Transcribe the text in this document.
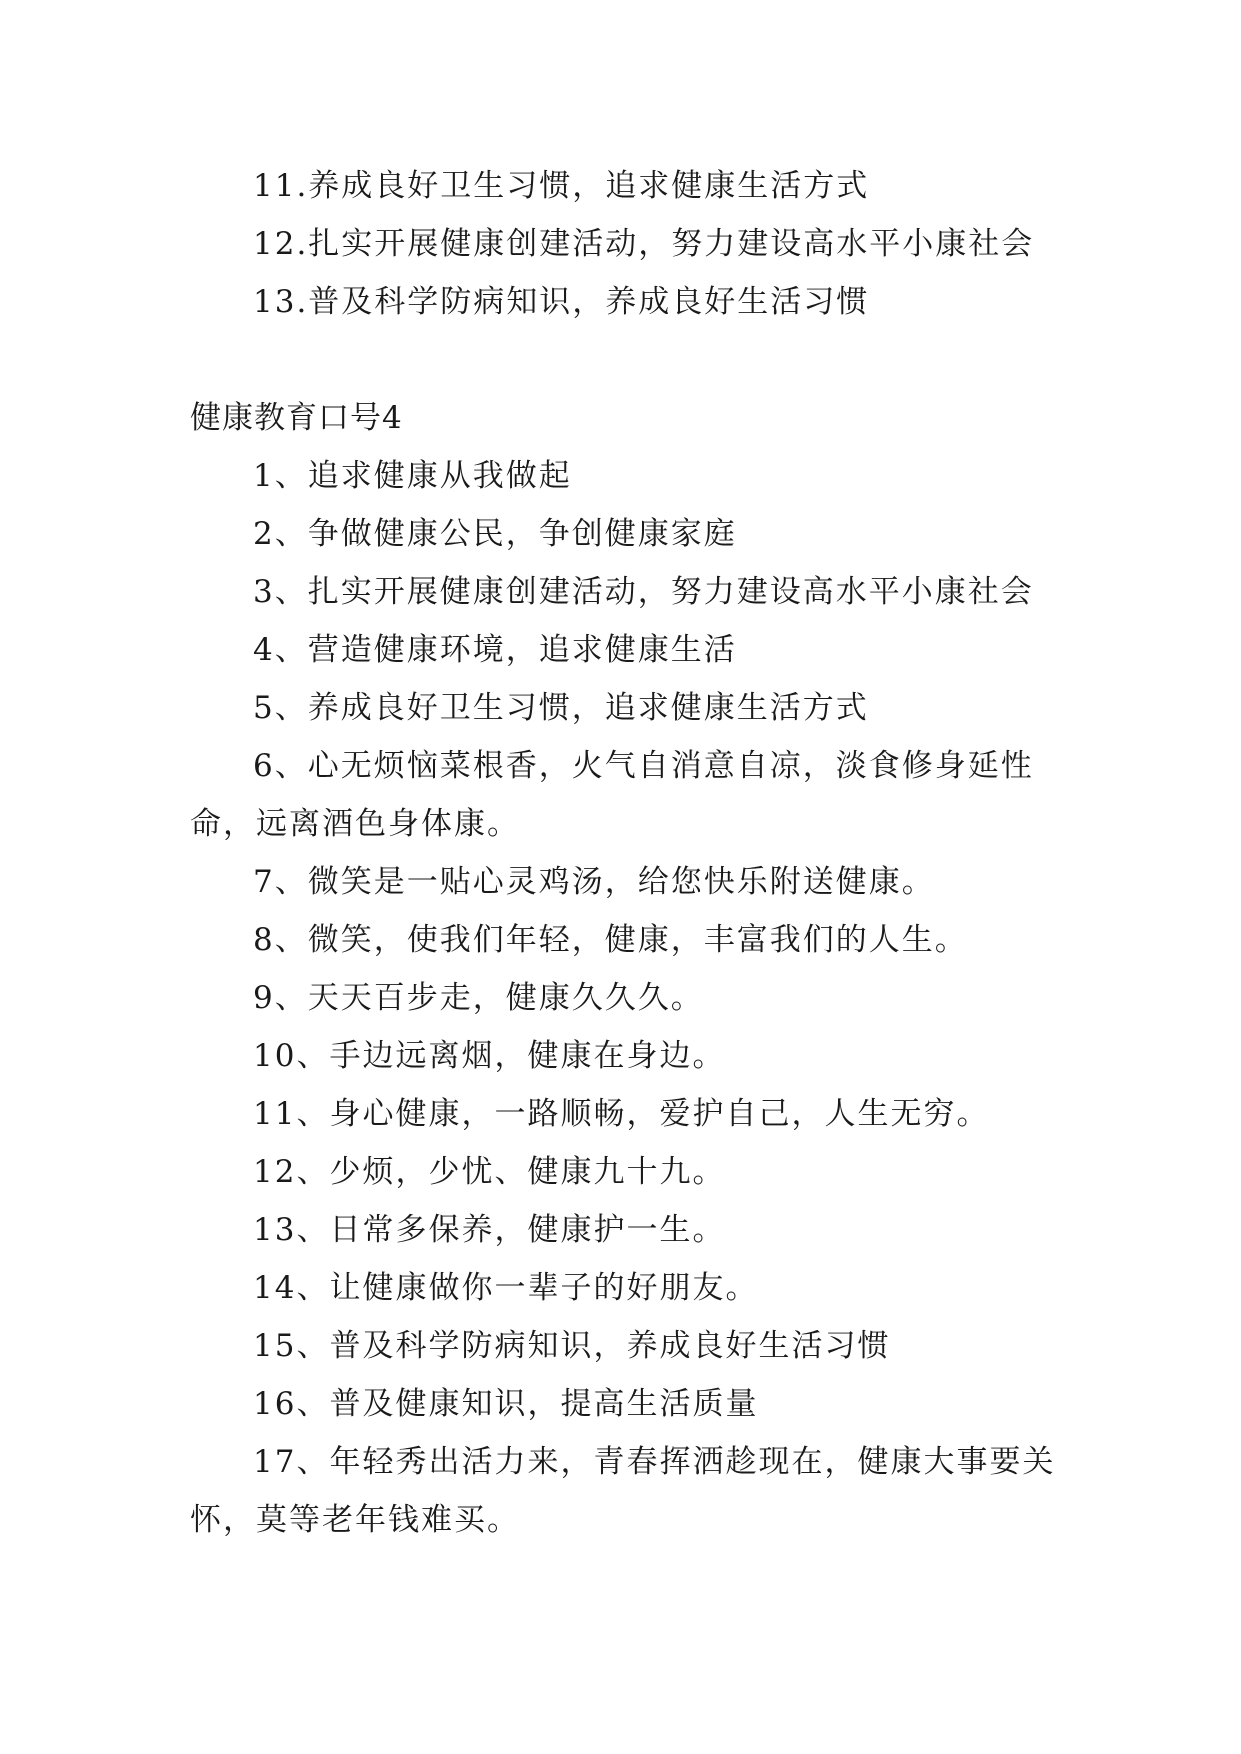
11.养成良好卫生习惯，追求健康生活方式
12.扎实开展健康创建活动，努力建设高水平小康社会
13.普及科学防病知识，养成良好生活习惯
健康教育口号4
1、追求健康从我做起
2、争做健康公民，争创健康家庭
3、扎实开展健康创建活动，努力建设高水平小康社会
4、营造健康环境，追求健康生活
5、养成良好卫生习惯，追求健康生活方式
6、心无烦恼菜根香，火气自消意自凉，淡食修身延性
命，远离酒色身体康。
7、微笑是一贴心灵鸡汤，给您快乐附送健康。
8、微笑，使我们年轻，健康，丰富我们的人生。
9、天天百步走，健康久久久。
10、手边远离烟，健康在身边。
11、身心健康，一路顺畅，爱护自己，人生无穷。
12、少烦，少忧、健康九十九。
13、日常多保养，健康护一生。
14、让健康做你一辈子的好朋友。
15、普及科学防病知识，养成良好生活习惯
16、普及健康知识，提高生活质量
17、年轻秀出活力来，青春挥洒趁现在，健康大事要关
怀，莫等老年钱难买。
